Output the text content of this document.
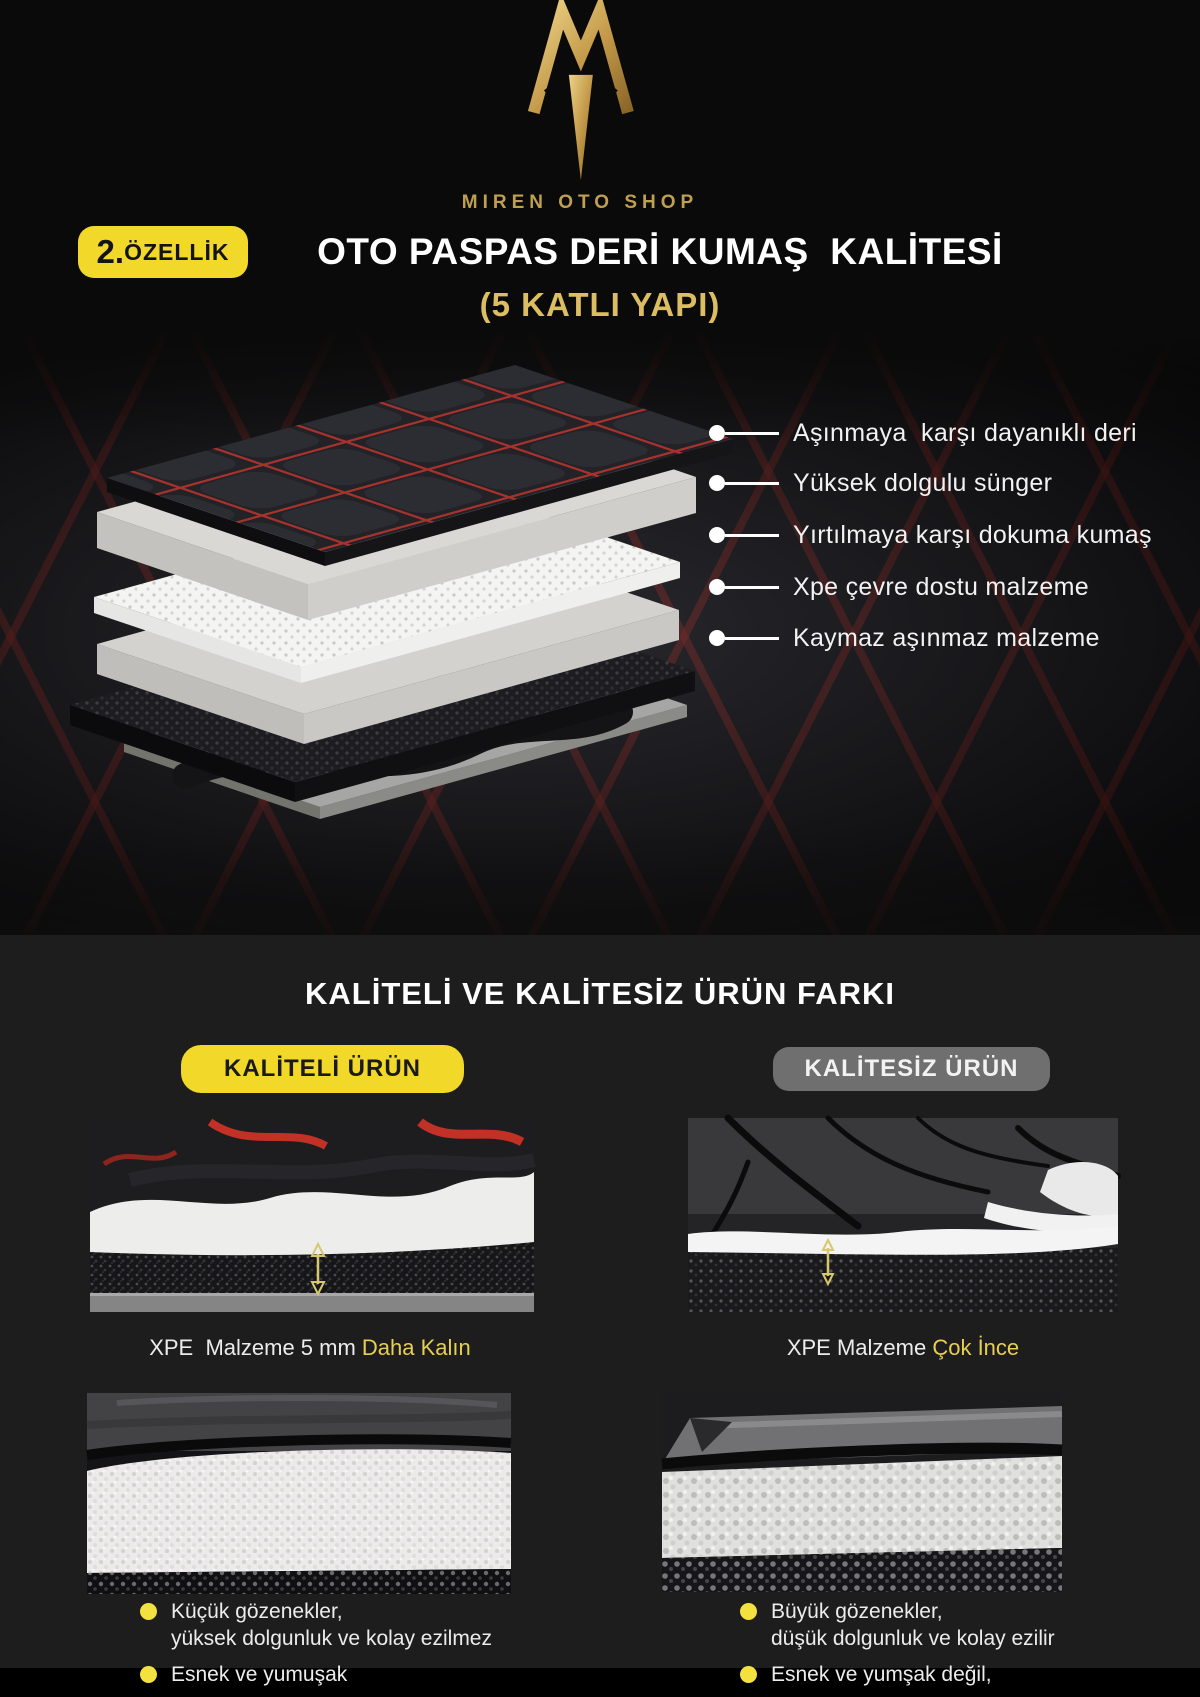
MIREN OTO SHOP
2. ÖZELLİK	OTO PASPAS DERİ KUMAŞ  KALİTESİ
(5 KATLI YAPI)
Aşınmaya  karşı dayanıklı deri
Yüksek dolgulu sünger
Yırtılmaya karşı dokuma kumaş
Xpe çevre dostu malzeme
Kaymaz aşınmaz malzeme
KALİTELİ VE KALİTESİZ ÜRÜN FARKI
KALİTELİ ÜRÜN	KALİTESİZ ÜRÜN
XPE  Malzeme 5 mm Daha Kalın	XPE Malzeme Çok İnce
Küçük gözenekler,
yüksek dolgunluk ve kolay ezilmez
Esnek ve yumuşak
Büyük gözenekler,
düşük dolgunluk ve kolay ezilir
Esnek ve yumşak değil,
